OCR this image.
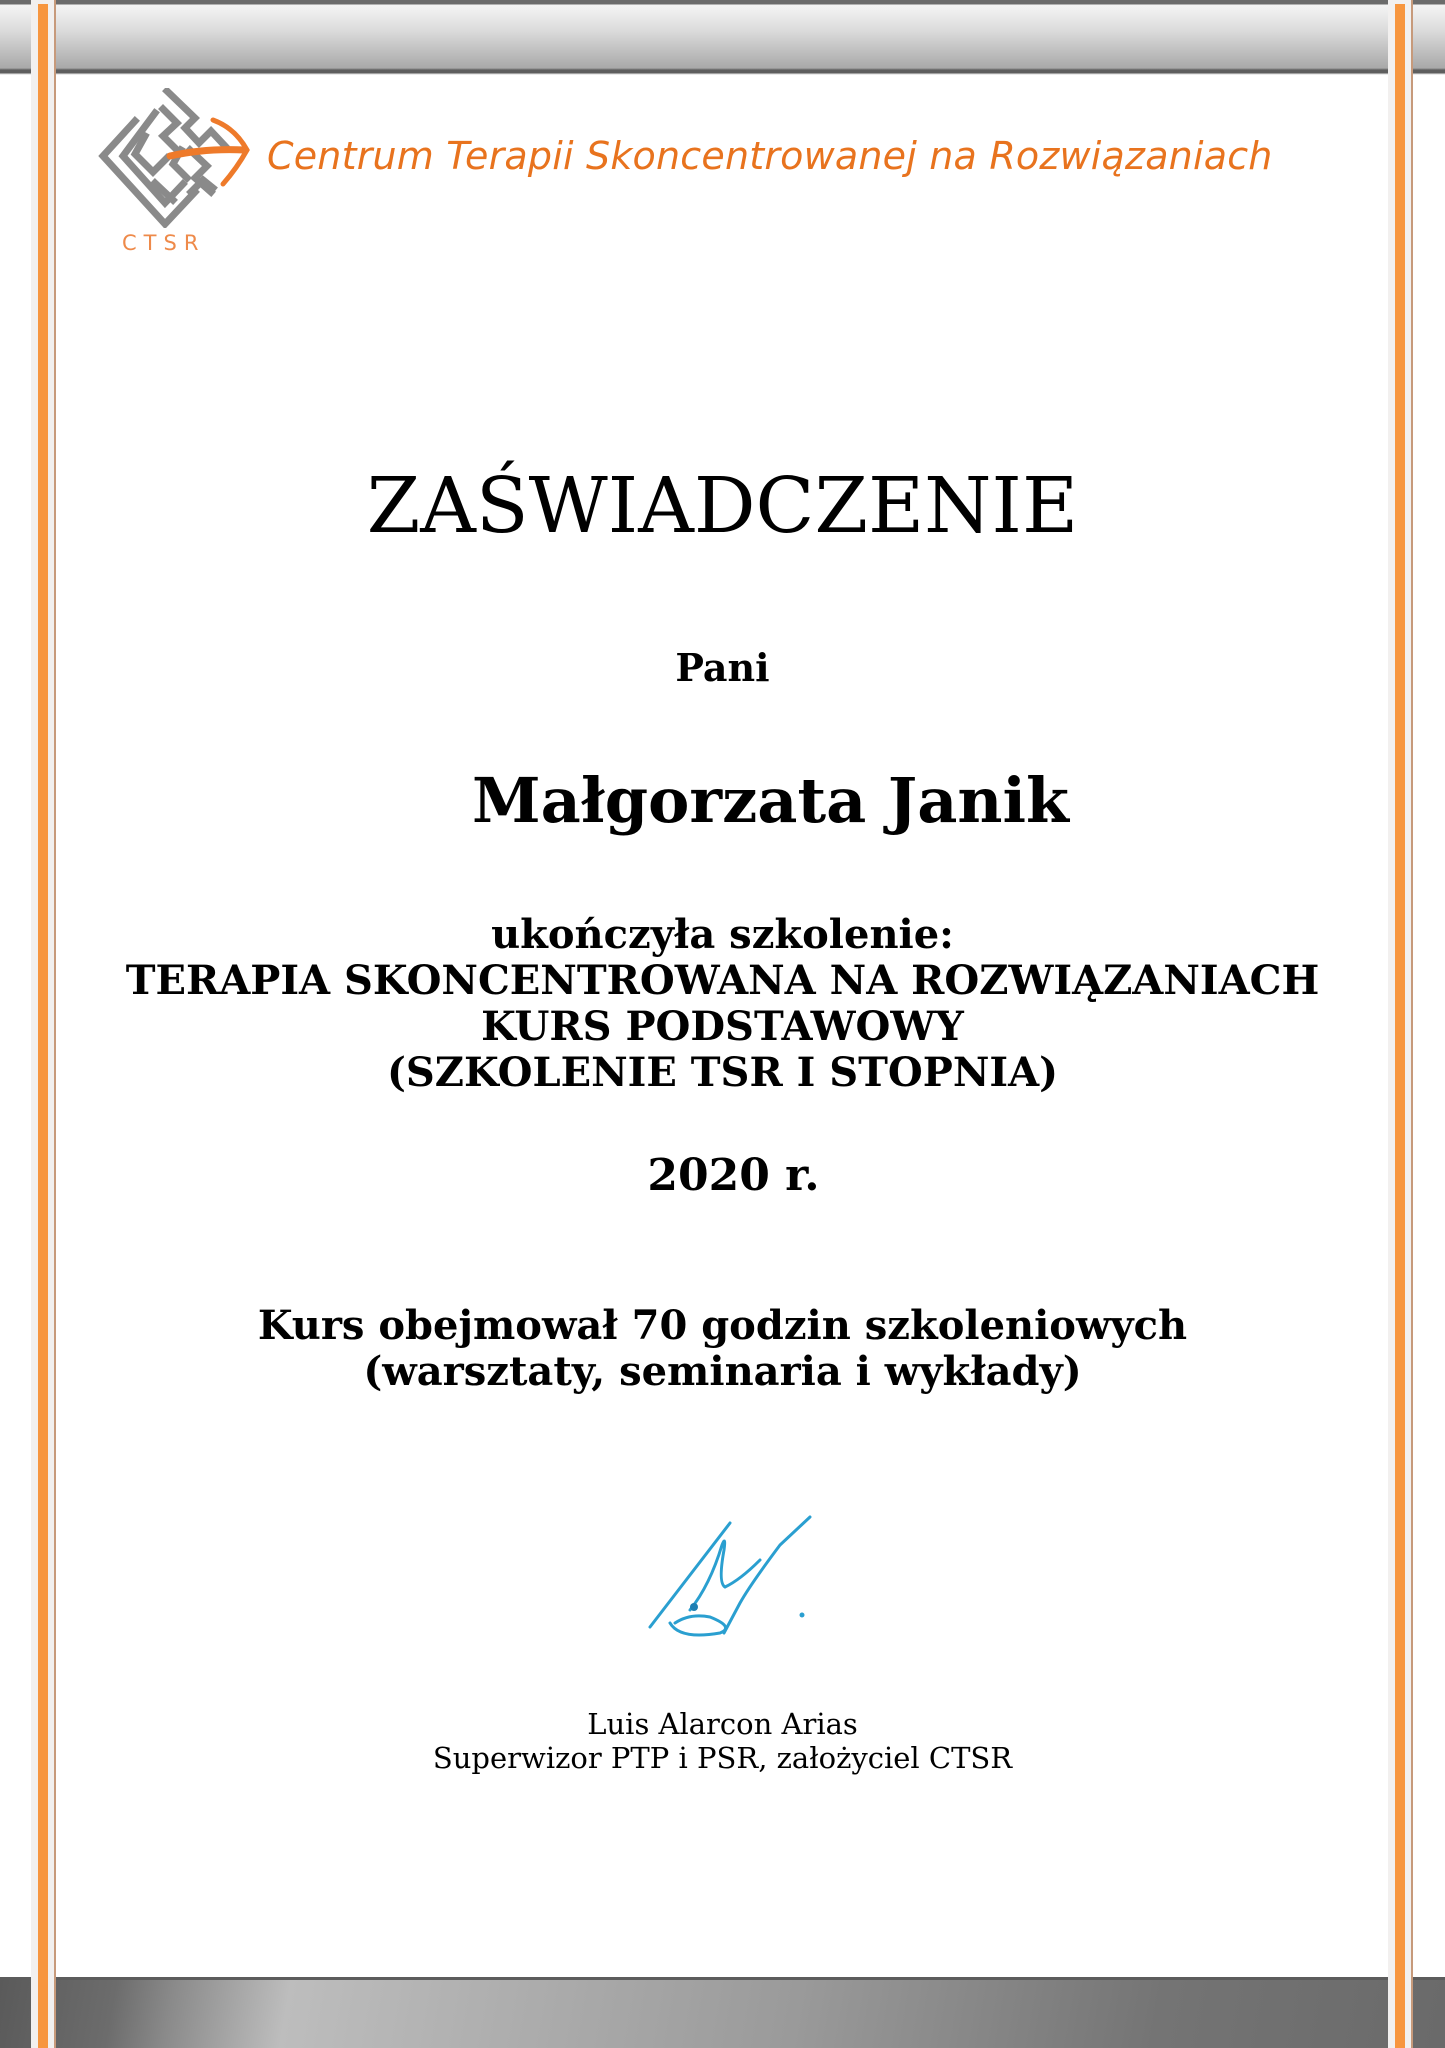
Centrum Terapii Skoncentrowanej na Rozwiązaniach
CTSR
ZAŚWIADCZENIE
Pani
Małgorzata Janik
ukończyła szkolenie:
TERAPIA SKONCENTROWANA NA ROZWIĄZANIACH
KURS PODSTAWOWY
(SZKOLENIE TSR I STOPNIA)
2020 r.
Kurs obejmował 70 godzin szkoleniowych
(warsztaty, seminaria i wykłady)
Luis Alarcon Arias
Superwizor PTP i PSR, założyciel CTSR
